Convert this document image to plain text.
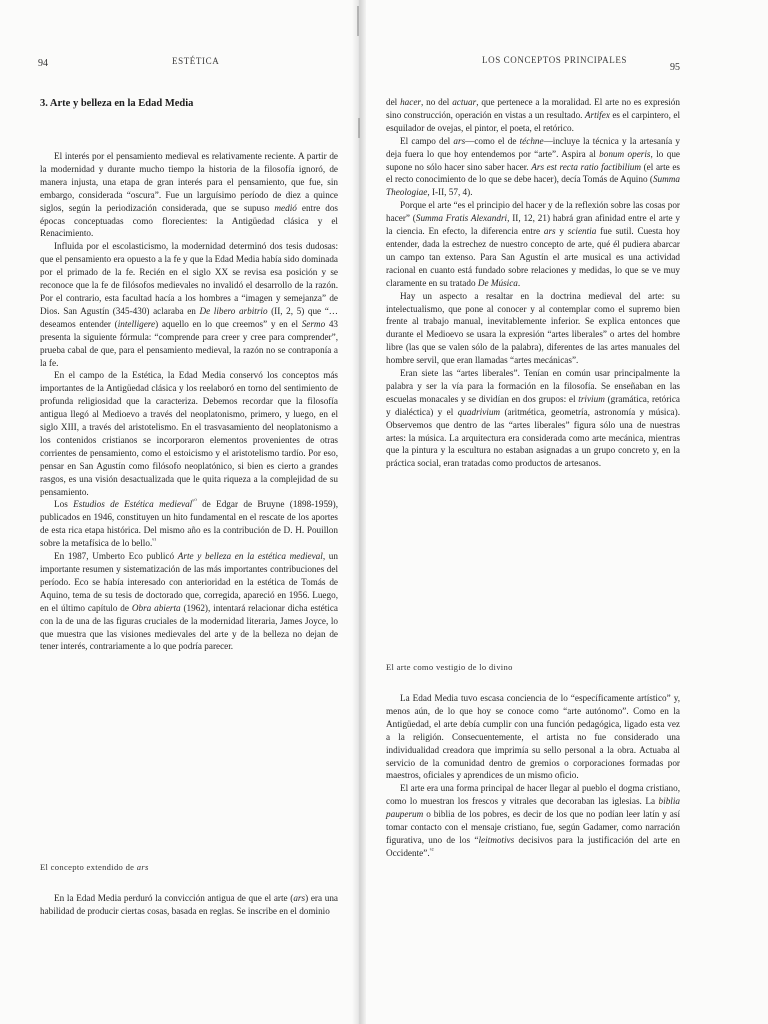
94	ESTÉTICA
3. Arte y belleza en la Edad Media

El interés por el pensamiento medieval es relativamente reciente. A partir de la modernidad y durante mucho tiempo la historia de la filosofía ignoró, de manera injusta, una etapa de gran interés para el pensamiento, que fue, sin embargo, considerada “oscura”. Fue un larguísimo período de diez a quince siglos, según la periodización considerada, que se supuso medió entre dos épocas conceptuadas como florecientes: la Antigüedad clásica y el Renacimiento.

Influida por el escolasticismo, la modernidad determinó dos tesis dudosas: que el pensamiento era opuesto a la fe y que la Edad Media había sido dominada por el primado de la fe. Recién en el siglo XX se revisa esa posición y se reconoce que la fe de filósofos medievales no invalidó el desarrollo de la razón. Por el contrario, esta facultad hacía a los hombres a “imagen y semejanza” de Dios. San Agustín (345-430) aclaraba en De libero arbitrio (II, 2, 5) que “…deseamos entender (intelligere) aquello en lo que creemos” y en el Sermo 43 presenta la siguiente fórmula: “comprende para creer y cree para comprender”, prueba cabal de que, para el pensamiento medieval, la razón no se contraponía a la fe.

En el campo de la Estética, la Edad Media conservó los conceptos más importantes de la Antigüedad clásica y los reelaboró en torno del sentimiento de profunda religiosidad que la caracteriza. Debemos recordar que la filosofía antigua llegó al Medioevo a través del neoplatonismo, primero, y luego, en el siglo XIII, a través del aristotelismo. En el trasvasamiento del neoplatonismo a los contenidos cristianos se incorporaron elementos provenientes de otras corrientes de pensamiento, como el estoicismo y el aristotelismo tardío. Por eso, pensar en San Agustín como filósofo neoplatónico, si bien es cierto a grandes rasgos, es una visión desactualizada que le quita riqueza a la complejidad de su pensamiento.

Los Estudios de Estética medieval$^{^{60}}$ de Edgar de Bruyne (1898-1959), publicados en 1946, constituyen un hito fundamental en el rescate de los aportes de esta rica etapa histórica. Del mismo año es la contribución de D. H. Pouillon sobre la metafísica de lo bello.$^{^{61}}$

En 1987, Umberto Eco publicó Arte y belleza en la estética medieval, un importante resumen y sistematización de las más importantes contribuciones del período. Eco se había interesado con anterioridad en la estética de Tomás de Aquino, tema de su tesis de doctorado que, corregida, apareció en 1956. Luego, en el último capítulo de Obra abierta (1962), intentará relacionar dicha estética con la de una de las figuras cruciales de la modernidad literaria, James Joyce, lo que muestra que las visiones medievales del arte y de la belleza no dejan de tener interés, contrariamente a lo que podría parecer.

El concepto extendido de ars

En la Edad Media perduró la convicción antigua de que el arte (ars) era una habilidad de producir ciertas cosas, basada en reglas. Se inscribe en el dominio

LOS CONCEPTOS PRINCIPALES
95

del hacer, no del actuar, que pertenece a la moralidad. El arte no es expresión sino construcción, operación en vistas a un resultado. Artifex es el carpintero, el esquilador de ovejas, el pintor, el poeta, el retórico.

El campo del ars—como el de téchne—incluye la técnica y la artesanía y deja fuera lo que hoy entendemos por “arte”. Aspira al bonum operis, lo que supone no sólo hacer sino saber hacer. Ars est recta ratio factibilium (el arte es el recto conocimiento de lo que se debe hacer), decía Tomás de Aquino (Summa Theologiae, I-II, 57, 4).

Porque el arte “es el principio del hacer y de la reflexión sobre las cosas por hacer” (Summa Fratis Alexandri, II, 12, 21) habrá gran afinidad entre el arte y la ciencia. En efecto, la diferencia entre ars y scientia fue sutil. Cuesta hoy entender, dada la estrechez de nuestro concepto de arte, qué él pudiera abarcar un campo tan extenso. Para San Agustín el arte musical es una actividad racional en cuanto está fundado sobre relaciones y medidas, lo que se ve muy claramente en su tratado De Música.

Hay un aspecto a resaltar en la doctrina medieval del arte: su intelectualismo, que pone al conocer y al contemplar como el supremo bien frente al trabajo manual, inevitablemente inferior. Se explica entonces que durante el Medioevo se usara la expresión “artes liberales” o artes del hombre libre (las que se valen sólo de la palabra), diferentes de las artes manuales del hombre servil, que eran llamadas “artes mecánicas”.

Eran siete las “artes liberales”. Tenían en común usar principalmente la palabra y ser la vía para la formación en la filosofía. Se enseñaban en las escuelas monacales y se dividían en dos grupos: el trivium (gramática, retórica y dialéctica) y el quadrivium (aritmética, geometría, astronomía y música). Observemos que dentro de las “artes liberales” figura sólo una de nuestras artes: la música. La arquitectura era considerada como arte mecánica, mientras que la pintura y la escultura no estaban asignadas a un grupo concreto y, en la práctica social, eran tratadas como productos de artesanos.

El arte como vestigio de lo divino

La Edad Media tuvo escasa conciencia de lo “específicamente artístico” y, menos aún, de lo que hoy se conoce como “arte autónomo”. Como en la Antigüedad, el arte debía cumplir con una función pedagógica, ligado esta vez a la religión. Consecuentemente, el artista no fue considerado una individualidad creadora que imprimía su sello personal a la obra. Actuaba al servicio de la comunidad dentro de gremios o corporaciones formadas por maestros, oficiales y aprendices de un mismo oficio.

El arte era una forma principal de hacer llegar al pueblo el dogma cristiano, como lo muestran los frescos y vitrales que decoraban las iglesias. La biblia pauperum o biblia de los pobres, es decir de los que no podían leer latín y así tomar contacto con el mensaje cristiano, fue, según Gadamer, como narración figurativa, uno de los “leitmotivs decisivos para la justificación del arte en Occidente”.$^{^{62}}$
